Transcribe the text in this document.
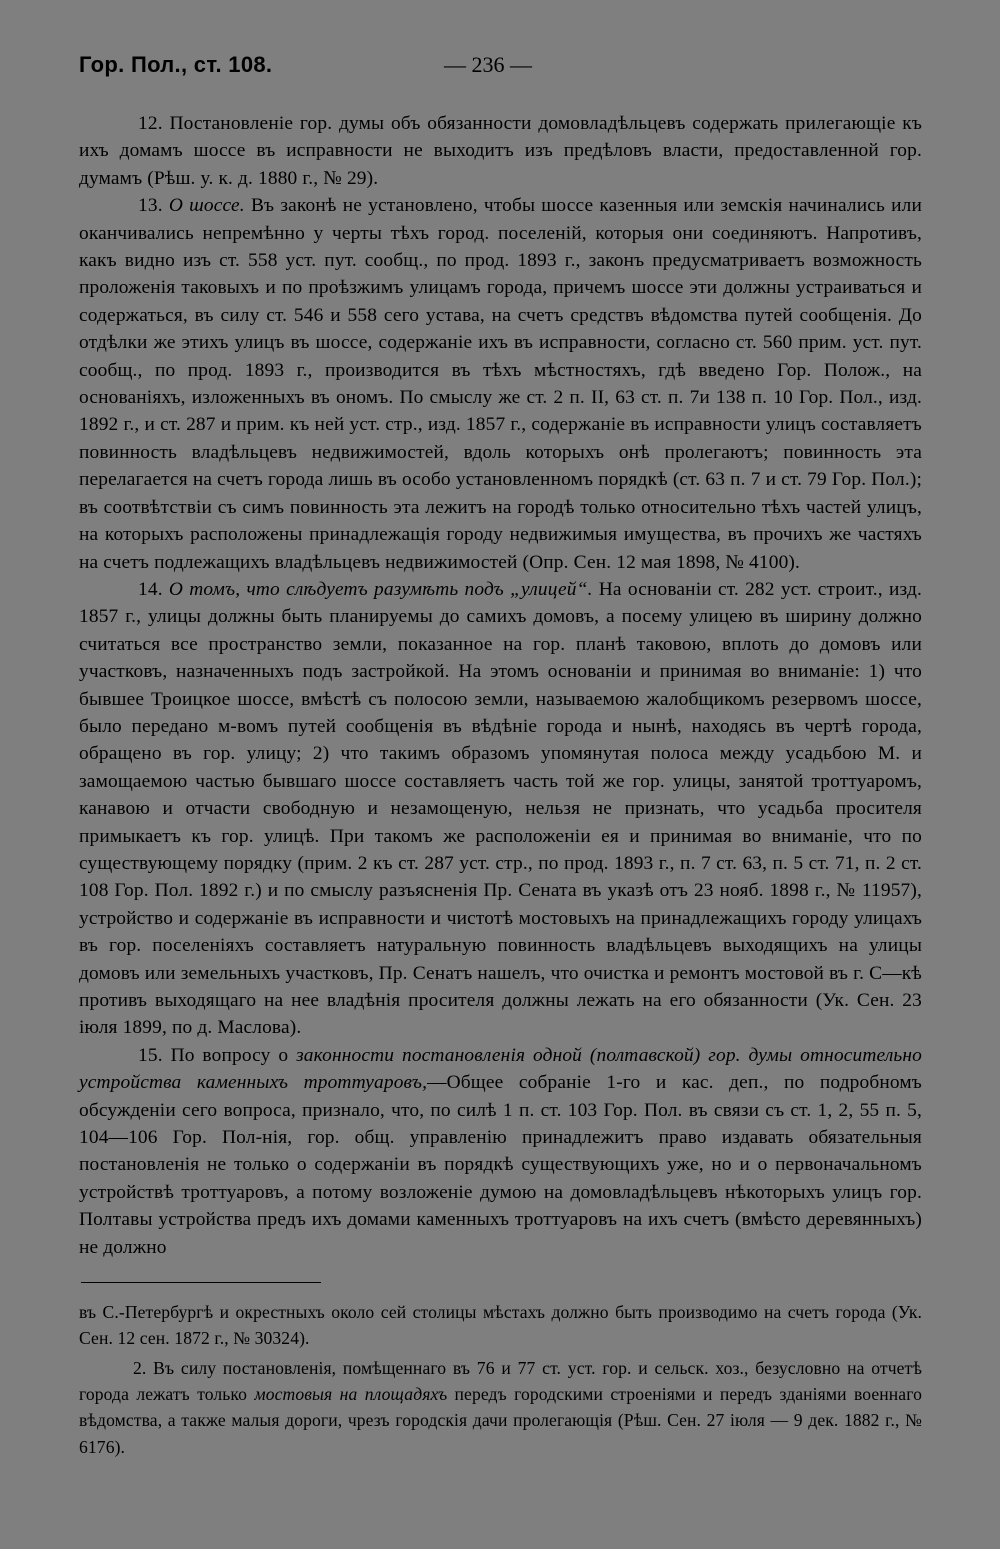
Гор. Пол., ст. 108.	— 236 —

12. Постановленіе гор. думы объ обязанности домовладѣльцевъ содержать прилегающіе къ ихъ домамъ шоссе въ исправности не выходитъ изъ предѣловъ власти, предоставленной гор. думамъ (Рѣш. у. к. д. 1880 г., № 29).

13. О шоссе. Въ законѣ не установлено, чтобы шоссе казенныя или земскія начинались или оканчивались непремѣнно у черты тѣхъ город. поселеній, которыя они соединяютъ. Напротивъ, какъ видно изъ ст. 558 уст. пут. сообщ., по прод. 1893 г., законъ предусматриваетъ возможность проложенія таковыхъ и по проѣзжимъ улицамъ города, причемъ шоссе эти должны устраиваться и содержаться, въ силу ст. 546 и 558 сего устава, на счетъ средствъ вѣдомства путей сообщенія. До отдѣлки же этихъ улицъ въ шоссе, содержаніе ихъ въ исправности, согласно ст. 560 прим. уст. пут. сообщ., по прод. 1893 г., производится въ тѣхъ мѣстностяхъ, гдѣ введено Гор. Полож., на основаніяхъ, изложенныхъ въ ономъ. По смыслу же ст. 2 п. II, 63 ст. п. 7и 138 п. 10 Гор. Пол., изд. 1892 г., и ст. 287 и прим. къ ней уст. стр., изд. 1857 г., содержаніе въ исправности улицъ составляетъ повинность владѣльцевъ недвижимостей, вдоль которыхъ онѣ пролегаютъ; повинность эта перелагается на счетъ города лишь въ особо установленномъ порядкѣ (ст. 63 п. 7 и ст. 79 Гор. Пол.); въ соотвѣтствіи съ симъ повинность эта лежитъ на городѣ только относительно тѣхъ частей улицъ, на которыхъ расположены принадлежащія городу недвижимыя имущества, въ прочихъ же частяхъ на счетъ подлежащихъ владѣльцевъ недвижимостей (Опр. Сен. 12 мая 1898, № 4100).

14. О томъ, что слѣдуетъ разумѣть подъ „улицей“. На основаніи ст. 282 уст. строит., изд. 1857 г., улицы должны быть планируемы до самихъ домовъ, а посему улицею въ ширину должно считаться все пространство земли, показанное на гор. планѣ таковою, вплоть до домовъ или участковъ, назначенныхъ подъ застройкой. На этомъ основаніи и принимая во вниманіе: 1) что бывшее Троицкое шоссе, вмѣстѣ съ полосою земли, называемою жалобщикомъ резервомъ шоссе, было передано м-вомъ путей сообщенія въ вѣдѣніе города и нынѣ, находясь въ чертѣ города, обращено въ гор. улицу; 2) что такимъ образомъ упомянутая полоса между усадьбою М. и замощаемою частью бывшаго шоссе составляетъ часть той же гор. улицы, занятой троттуаромъ, канавою и отчасти свободную и незамощеную, нельзя не признать, что усадьба просителя примыкаетъ къ гор. улицѣ. При такомъ же расположеніи ея и принимая во вниманіе, что по существующему порядку (прим. 2 къ ст. 287 уст. стр., по прод. 1893 г., п. 7 ст. 63, п. 5 ст. 71, п. 2 ст. 108 Гор. Пол. 1892 г.) и по смыслу разъясненія Пр. Сената въ указѣ отъ 23 нояб. 1898 г., № 11957), устройство и содержаніе въ исправности и чистотѣ мостовыхъ на принадлежащихъ городу улицахъ въ гор. поселеніяхъ составляетъ натуральную повинность владѣльцевъ выходящихъ на улицы домовъ или земельныхъ участковъ, Пр. Сенатъ нашелъ, что очистка и ремонтъ мостовой въ г. С—кѣ противъ выходящаго на нее владѣнія просителя должны лежать на его обязанности (Ук. Сен. 23 іюля 1899, по д. Маслова).

15. По вопросу о законности постановленія одной (полтавской) гор. думы относительно устройства каменныхъ троттуаровъ,—Общее собраніе 1-го и кас. деп., по подробномъ обсужденіи сего вопроса, признало, что, по силѣ 1 п. ст. 103 Гор. Пол. въ связи съ ст. 1, 2, 55 п. 5, 104—106 Гор. Пол-нія, гор. общ. управленію принадлежитъ право издавать обязательныя постановленія не только о содержаніи въ порядкѣ существующихъ уже, но и о первоначальномъ устройствѣ троттуаровъ, а потому возложеніе думою на домовладѣльцевъ нѣкоторыхъ улицъ гор. Полтавы устройства предъ ихъ домами каменныхъ троттуаровъ на ихъ счетъ (вмѣсто деревянныхъ) не должно

въ С.-Петербургѣ и окрестныхъ около сей столицы мѣстахъ должно быть производимо на счетъ города (Ук. Сен. 12 сен. 1872 г., № 30324).

2. Въ силу постановленія, помѣщеннаго въ 76 и 77 ст. уст. гор. и сельск. хоз., безусловно на отчетѣ города лежатъ только мостовыя на площадяхъ передъ городскими строеніями и передъ зданіями военнаго вѣдомства, а также малыя дороги, чрезъ городскія дачи пролегающія (Рѣш. Сен. 27 іюля — 9 дек. 1882 г., № 6176).
